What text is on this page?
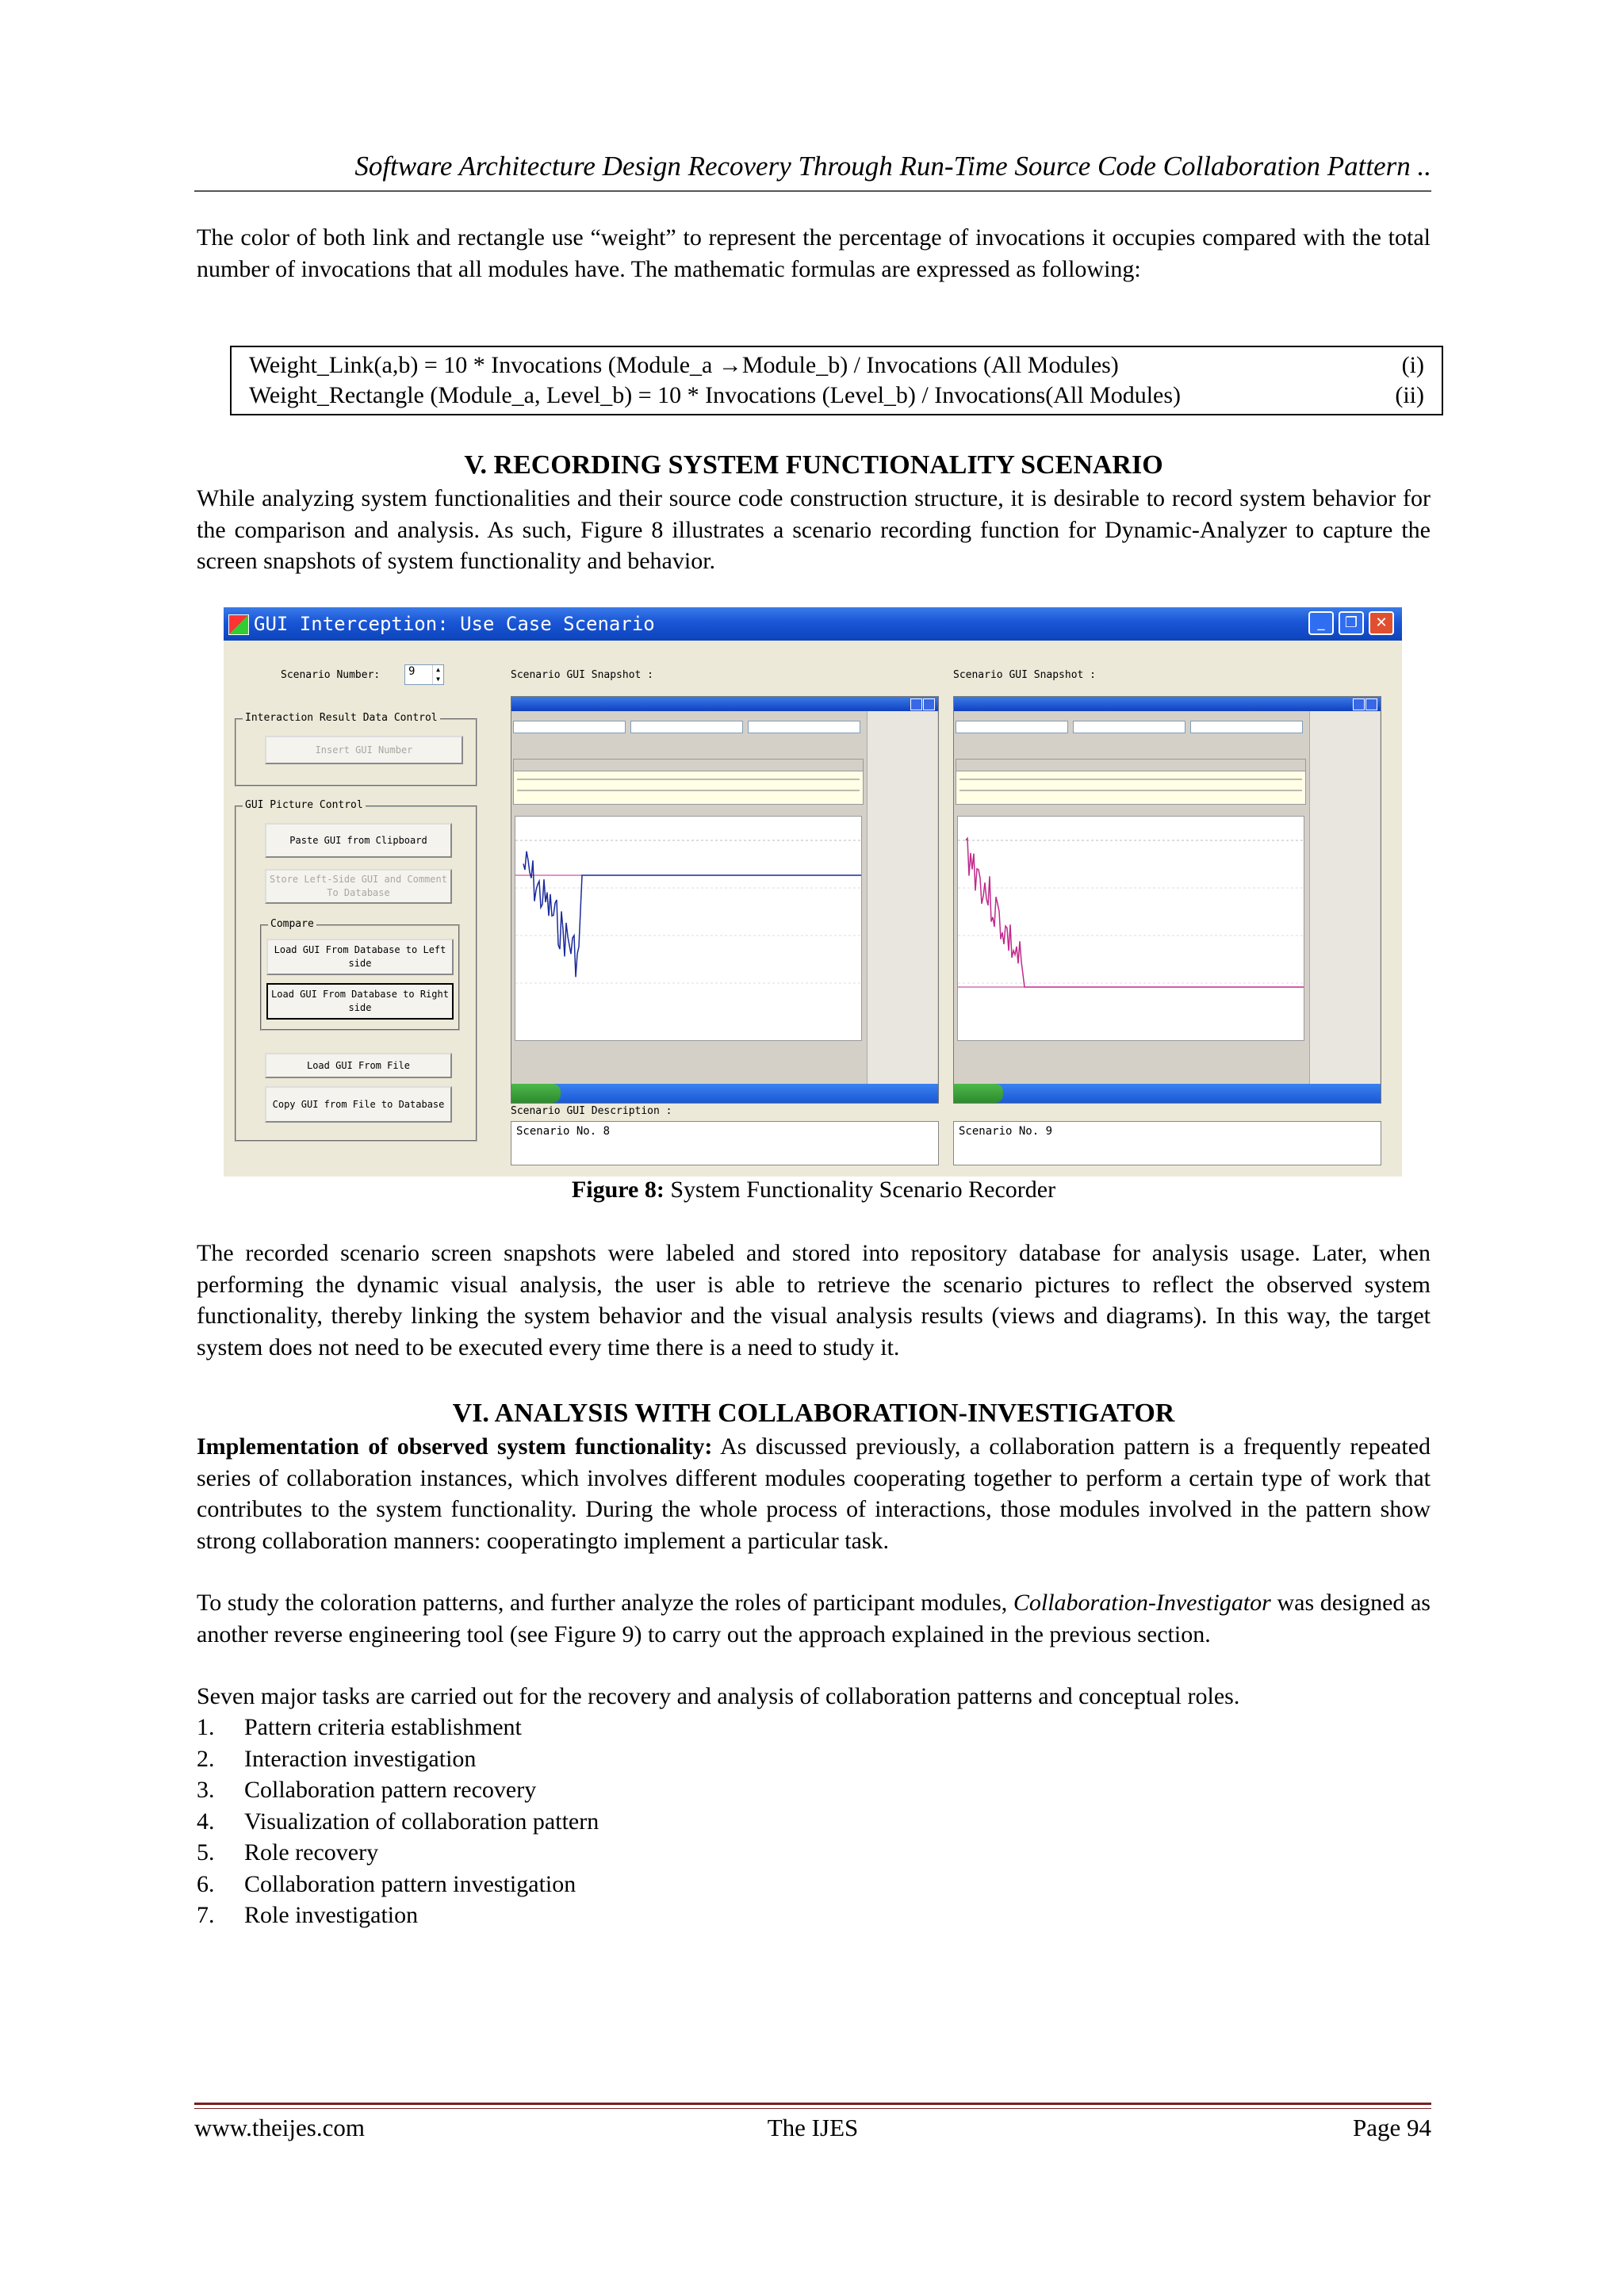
Software Architecture Design Recovery Through Run-Time Source Code Collaboration Pattern ..
The color of both link and rectangle use “weight” to represent the percentage of invocations it occupies compared with the total number of invocations that all modules have. The mathematic formulas are expressed as following:
Weight_Link(a,b) = 10 * Invocations (Module_a →Module_b) / Invocations (All Modules)	(i)
Weight_Rectangle (Module_a, Level_b) = 10 * Invocations (Level_b) / Invocations(All Modules)	(ii)
V. RECORDING SYSTEM FUNCTIONALITY SCENARIO
While analyzing system functionalities and their source code construction structure, it is desirable to record system behavior for the comparison and analysis. As such, Figure 8 illustrates a scenario recording function for Dynamic-Analyzer to capture the screen snapshots of system functionality and behavior.
GUI Interception: Use Case Scenario	_	❐	✕
Scenario Number:	9	▲
▼
Interaction Result Data Control
Insert GUI Number
GUI Picture Control
Paste GUI from Clipboard
Store Left-Side GUI and Comment To Database
Compare
Load GUI From Database to Left side
Load GUI From Database to Right side
Load GUI From File
Copy GUI from File to Database
Scenario GUI Snapshot :	Scenario GUI Snapshot :
Scenario GUI Description :
Scenario No. 8	Scenario No. 9
Figure 8: System Functionality Scenario Recorder
The recorded scenario screen snapshots were labeled and stored into repository database for analysis usage. Later, when performing the dynamic visual analysis, the user is able to retrieve the scenario pictures to reflect the observed system functionality, thereby linking the system behavior and the visual analysis results (views and diagrams). In this way, the target system does not need to be executed every time there is a need to study it.
VI. ANALYSIS WITH COLLABORATION-INVESTIGATOR
Implementation of observed system functionality: As discussed previously, a collaboration pattern is a frequently repeated series of collaboration instances, which involves different modules cooperating together to perform a certain type of work that contributes to the system functionality. During the whole process of interactions, those modules involved in the pattern show strong collaboration manners: cooperatingto implement a particular task.
To study the coloration patterns, and further analyze the roles of participant modules, Collaboration-Investigator was designed as another reverse engineering tool (see Figure 9) to carry out the approach explained in the previous section.
Seven major tasks are carried out for the recovery and analysis of collaboration patterns and conceptual roles.
1. Pattern criteria establishment
2. Interaction investigation
3. Collaboration pattern recovery
4. Visualization of collaboration pattern
5. Role recovery
6. Collaboration pattern investigation
7. Role investigation
www.theijes.com	The IJES	Page 94
